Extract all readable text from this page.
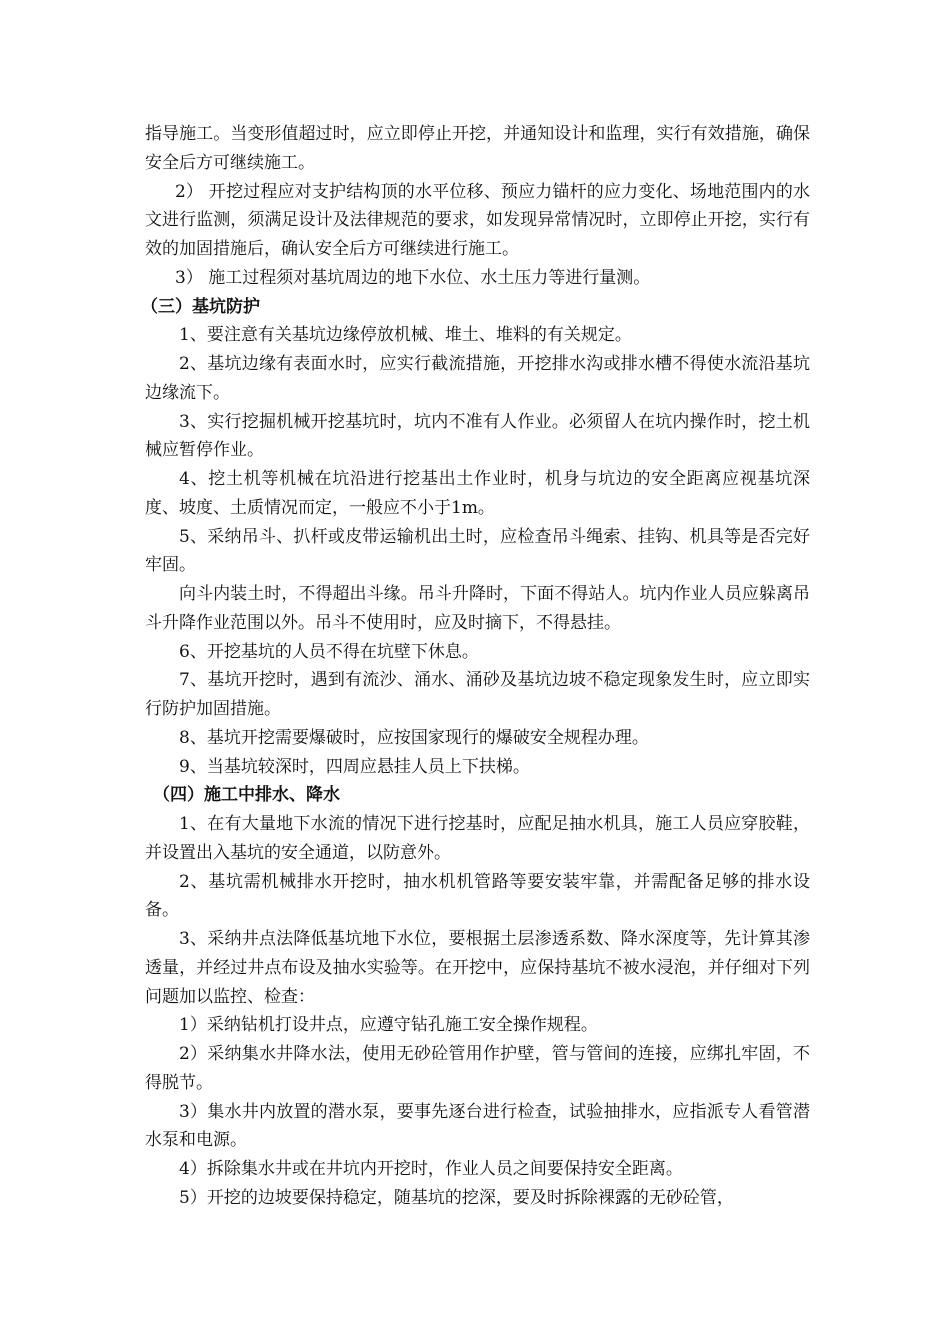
指导施工。当变形值超过时，应立即停止开挖，并通知设计和监理，实行有效措施，确保安全后方可继续施工。

2） 开挖过程应对支护结构顶的水平位移、预应力锚杆的应力变化、场地范围内的水文进行监测，须满足设计及法律规范的要求，如发现异常情况时，立即停止开挖，实行有效的加固措施后，确认安全后方可继续进行施工。

3） 施工过程须对基坑周边的地下水位、水土压力等进行量测。

（三）基坑防护

1、要注意有关基坑边缘停放机械、堆土、堆料的有关规定。

2、基坑边缘有表面水时，应实行截流措施，开挖排水沟或排水槽不得使水流沿基坑边缘流下。

3、实行挖掘机械开挖基坑时，坑内不准有人作业。必须留人在坑内操作时，挖土机械应暂停作业。

4、挖土机等机械在坑沿进行挖基出土作业时，机身与坑边的安全距离应视基坑深度、坡度、土质情况而定，一般应不小于1m。

5、采纳吊斗、扒杆或皮带运输机出土时，应检查吊斗绳索、挂钩、机具等是否完好牢固。

向斗内装土时，不得超出斗缘。吊斗升降时，下面不得站人。坑内作业人员应躲离吊斗升降作业范围以外。吊斗不使用时，应及时摘下，不得悬挂。

6、开挖基坑的人员不得在坑壁下休息。

7、基坑开挖时，遇到有流沙、涌水、涌砂及基坑边坡不稳定现象发生时，应立即实行防护加固措施。

8、基坑开挖需要爆破时，应按国家现行的爆破安全规程办理。

9、当基坑较深时，四周应悬挂人员上下扶梯。

（四）施工中排水、降水

1、在有大量地下水流的情况下进行挖基时，应配足抽水机具，施工人员应穿胶鞋，并设置出入基坑的安全通道，以防意外。

2、基坑需机械排水开挖时，抽水机机管路等要安装牢靠，并需配备足够的排水设备。

3、采纳井点法降低基坑地下水位，要根据土层渗透系数、降水深度等，先计算其渗透量，并经过井点布设及抽水实验等。在开挖中，应保持基坑不被水浸泡，并仔细对下列问题加以监控、检查：

1）采纳钻机打设井点，应遵守钻孔施工安全操作规程。

2）采纳集水井降水法，使用无砂砼管用作护壁，管与管间的连接，应绑扎牢固，不得脱节。

3）集水井内放置的潜水泵，要事先逐台进行检查，试验抽排水，应指派专人看管潜水泵和电源。

4）拆除集水井或在井坑内开挖时，作业人员之间要保持安全距离。

5）开挖的边坡要保持稳定，随基坑的挖深，要及时拆除裸露的无砂砼管，
